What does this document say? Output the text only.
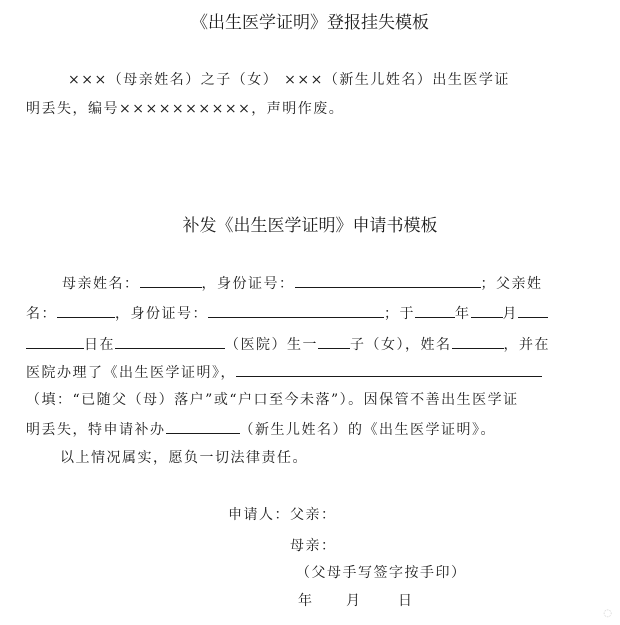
《出生医学证明》登报挂失模板
×××（母亲姓名）之子（女） ×××（新生儿姓名）出生医学证
明丢失，编号××××××××××，声明作废。
补发《出生医学证明》申请书模板
母亲姓名：	，身份证号：	；父亲姓
名：	，身份证号：	；于	年 月
日在	（医院）生一 子（女），姓名	，并在
医院办理了《出生医学证明》，
（填：“已随父（母）落户”或“户口至今未落”）。因保管不善出生医学证
明丢失，特申请补办	（新生儿姓名）的《出生医学证明》。
以上情况属实，愿负一切法律责任。
申请人：父亲：
母亲：
（父母手写签字按手印）
年 月	日
◌
